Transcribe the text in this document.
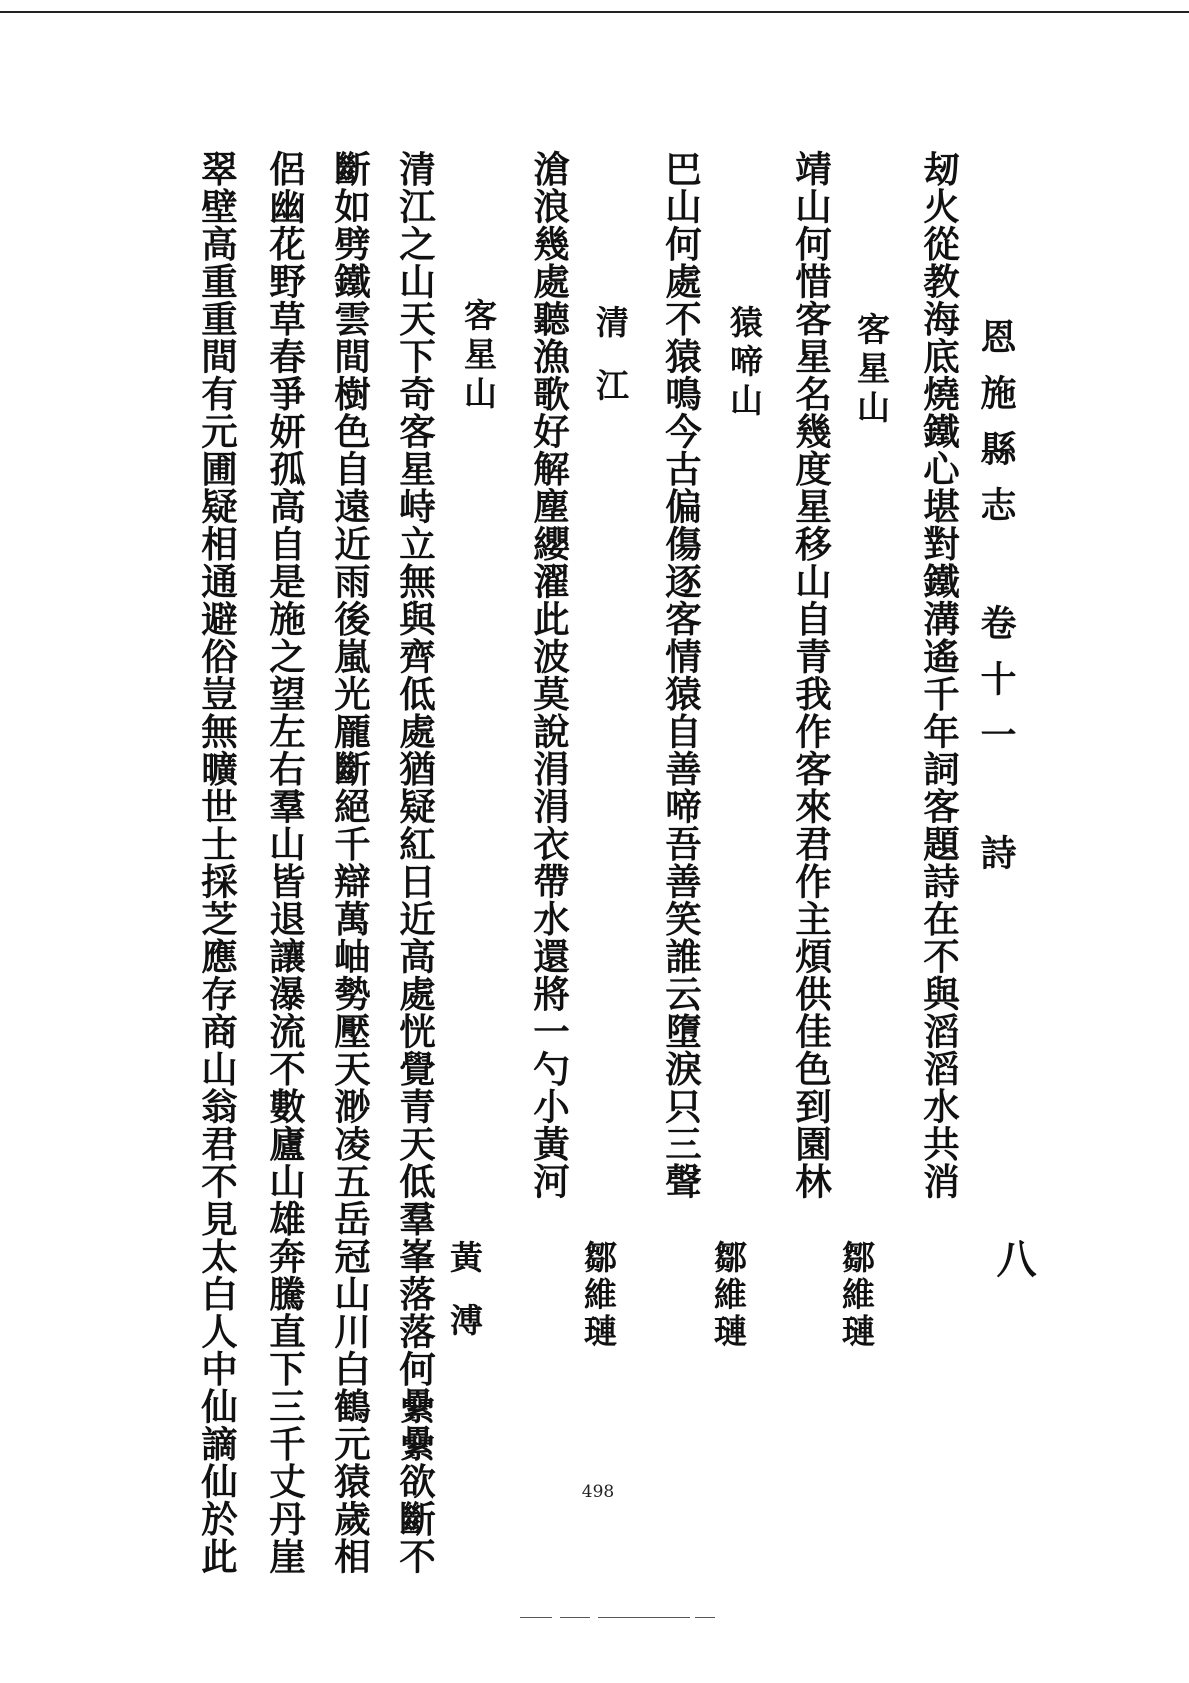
恩施縣志 卷十一 詩
刼火從教海底燒鐵心堪對鐵溝遙千年詞客題詩在不與滔滔水共消
靖山何惜客星名幾度星移山自青我作客來君作主煩供佳色到園林 客星山
鄒維璉
巴山何處不猿鳴今古偏傷逐客情猿自善啼吾善笑誰云墮淚只三聲 猿啼山
鄒維璉
滄浪幾處聽漁歌好解塵纓濯此波莫說涓涓衣帶水還將一勺小黃河 清江
鄒維璉
客星山
黃溥
清江之山天下奇客星峙立無與齊低處猶疑紅日近高處恍覺青天低羣峯落落何纍纍欲斷不
斷如劈鐵雲間樹色自遠近雨後嵐光龎斷絕千辯萬岫勢壓天渺凌五岳冠山川白鶴元猿歲相
侶幽花野草春爭妍孤高自是施之望左右羣山皆退讓瀑流不數廬山雄奔騰直下三千丈丹崖
翠壁高重重間有元圃疑相通避俗豈無曠世士採芝應存商山翁君不見太白人中仙謫仙於此	八
498
